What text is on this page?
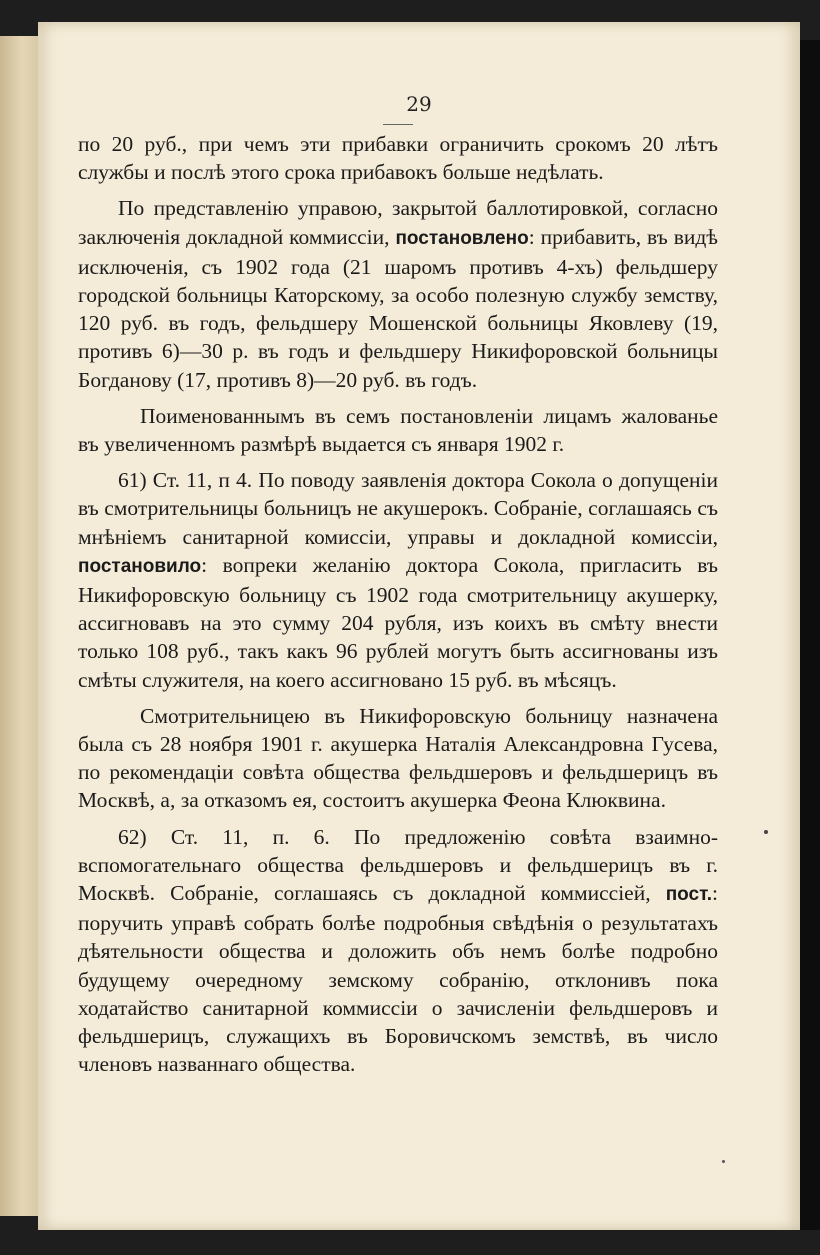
29

по 20 руб., при чемъ эти прибавки ограничить срокомъ 20 лѣтъ службы и послѣ этого срока прибавокъ больше недѣлать.

По представленію управою, закрытой баллотировкой, согласно заключенія докладной коммиссіи, постановлено: прибавить, въ видѣ исключенія, съ 1902 года (21 шаромъ противъ 4-хъ) фельдшеру городской больницы Каторскому, за особо полезную службу земству, 120 руб. въ годъ, фельдшеру Мошенской больницы Яковлеву (19, противъ 6)—30 р. въ годъ и фельдшеру Никифоровской больницы Богданову (17, противъ 8)—20 руб. въ годъ.

Поименованнымъ въ семъ постановленіи лицамъ жалованье въ увеличенномъ размѣрѣ выдается съ января 1902 г.

61) Ст. 11, п 4. По поводу заявленія доктора Сокола о допущеніи въ смотрительницы больницъ не акушерокъ. Собраніе, соглашаясь съ мнѣніемъ санитарной комиссіи, управы и докладной комиссіи, постановило: вопреки желанію доктора Сокола, пригласить въ Никифоровскую больницу съ 1902 года смотрительницу акушерку, ассигновавъ на это сумму 204 рубля, изъ коихъ въ смѣту внести только 108 руб., такъ какъ 96 рублей могутъ быть ассигнованы изъ смѣты служителя, на коего ассигновано 15 руб. въ мѣсяцъ.

Смотрительницею въ Никифоровскую больницу назначена была съ 28 ноября 1901 г. акушерка Наталія Александровна Гусева, по рекомендаціи совѣта общества фельдшеровъ и фельдшерицъ въ Москвѣ, а, за отказомъ ея, состоитъ акушерка Феона Клюквина.

62) Ст. 11, п. 6. По предложенію совѣта взаимно-вспомогательнаго общества фельдшеровъ и фельдшерицъ въ г. Москвѣ. Собраніе, соглашаясь съ докладной коммиссіей, пост.: поручить управѣ собрать болѣе подробныя свѣдѣнія о результатахъ дѣятельности общества и доложить объ немъ болѣе подробно будущему очередному земскому собранію, отклонивъ пока ходатайство санитарной коммиссіи о зачисленіи фельдшеровъ и фельдшерицъ, служащихъ въ Боровичскомъ земствѣ, въ число членовъ названнаго общества.
